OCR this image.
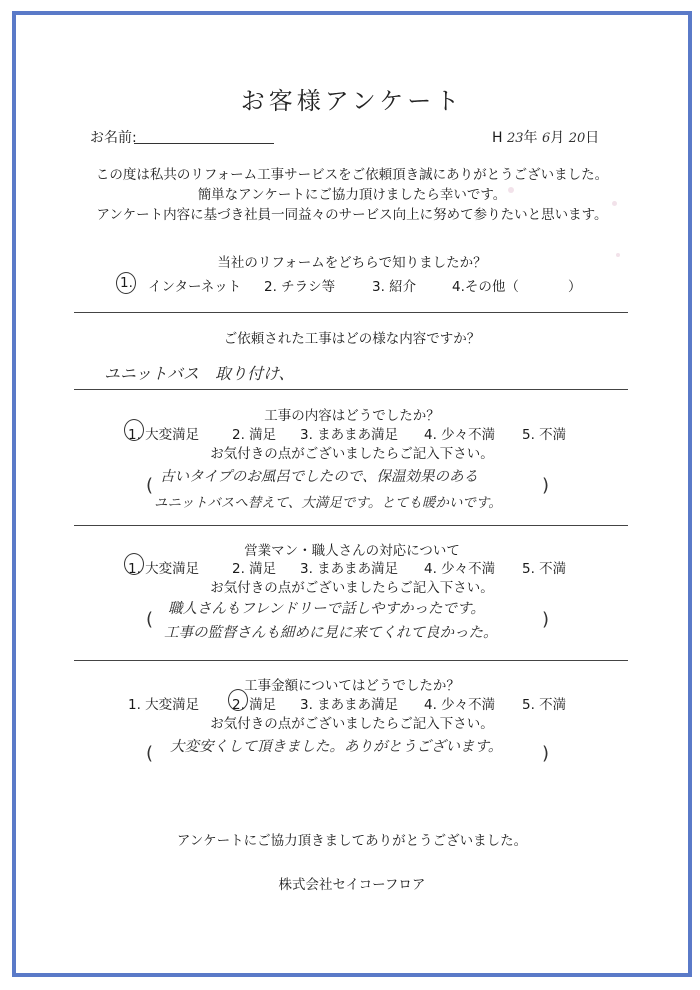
お客様アンケート
お名前:	H 23年 6月 20日
この度は私共のリフォーム工事サービスをご依頼頂き誠にありがとうございました。
簡単なアンケートにご協力頂けましたら幸いです。
アンケート内容に基づき社員一同益々のサービス向上に努めて参りたいと思います。
当社のリフォームをどちらで知りましたか？
1. インターネット 2. チラシ等	3. 紹介	4.その他（	）
ご依頼された工事はどの様な内容ですか？
ユニットバス　取り付け、
工事の内容はどうでしたか？
1. 大変満足 2. 満足 3. まあまあ満足 4. 少々不満 5. 不満
お気付きの点がございましたらご記入下さい。
( 古いタイプのお風呂でしたので、保温効果のある
ユニットバスへ替えて、大満足です。とても暖かいです。
)
営業マン・職人さんの対応について
1. 大変満足 2. 満足 3. まあまあ満足 4. 少々不満 5. 不満
お気付きの点がございましたらご記入下さい。
( 職人さんもフレンドリーで話しやすかったです。
工事の監督さんも細めに見に来てくれて良かった。
)
工事金額についてはどうでしたか？
1. 大変満足 2. 満足 3. まあまあ満足 4. 少々不満 5. 不満
お気付きの点がございましたらご記入下さい。
( 大変安くして頂きました。ありがとうございます。 )
アンケートにご協力頂きましてありがとうございました。
株式会社セイコーフロア
